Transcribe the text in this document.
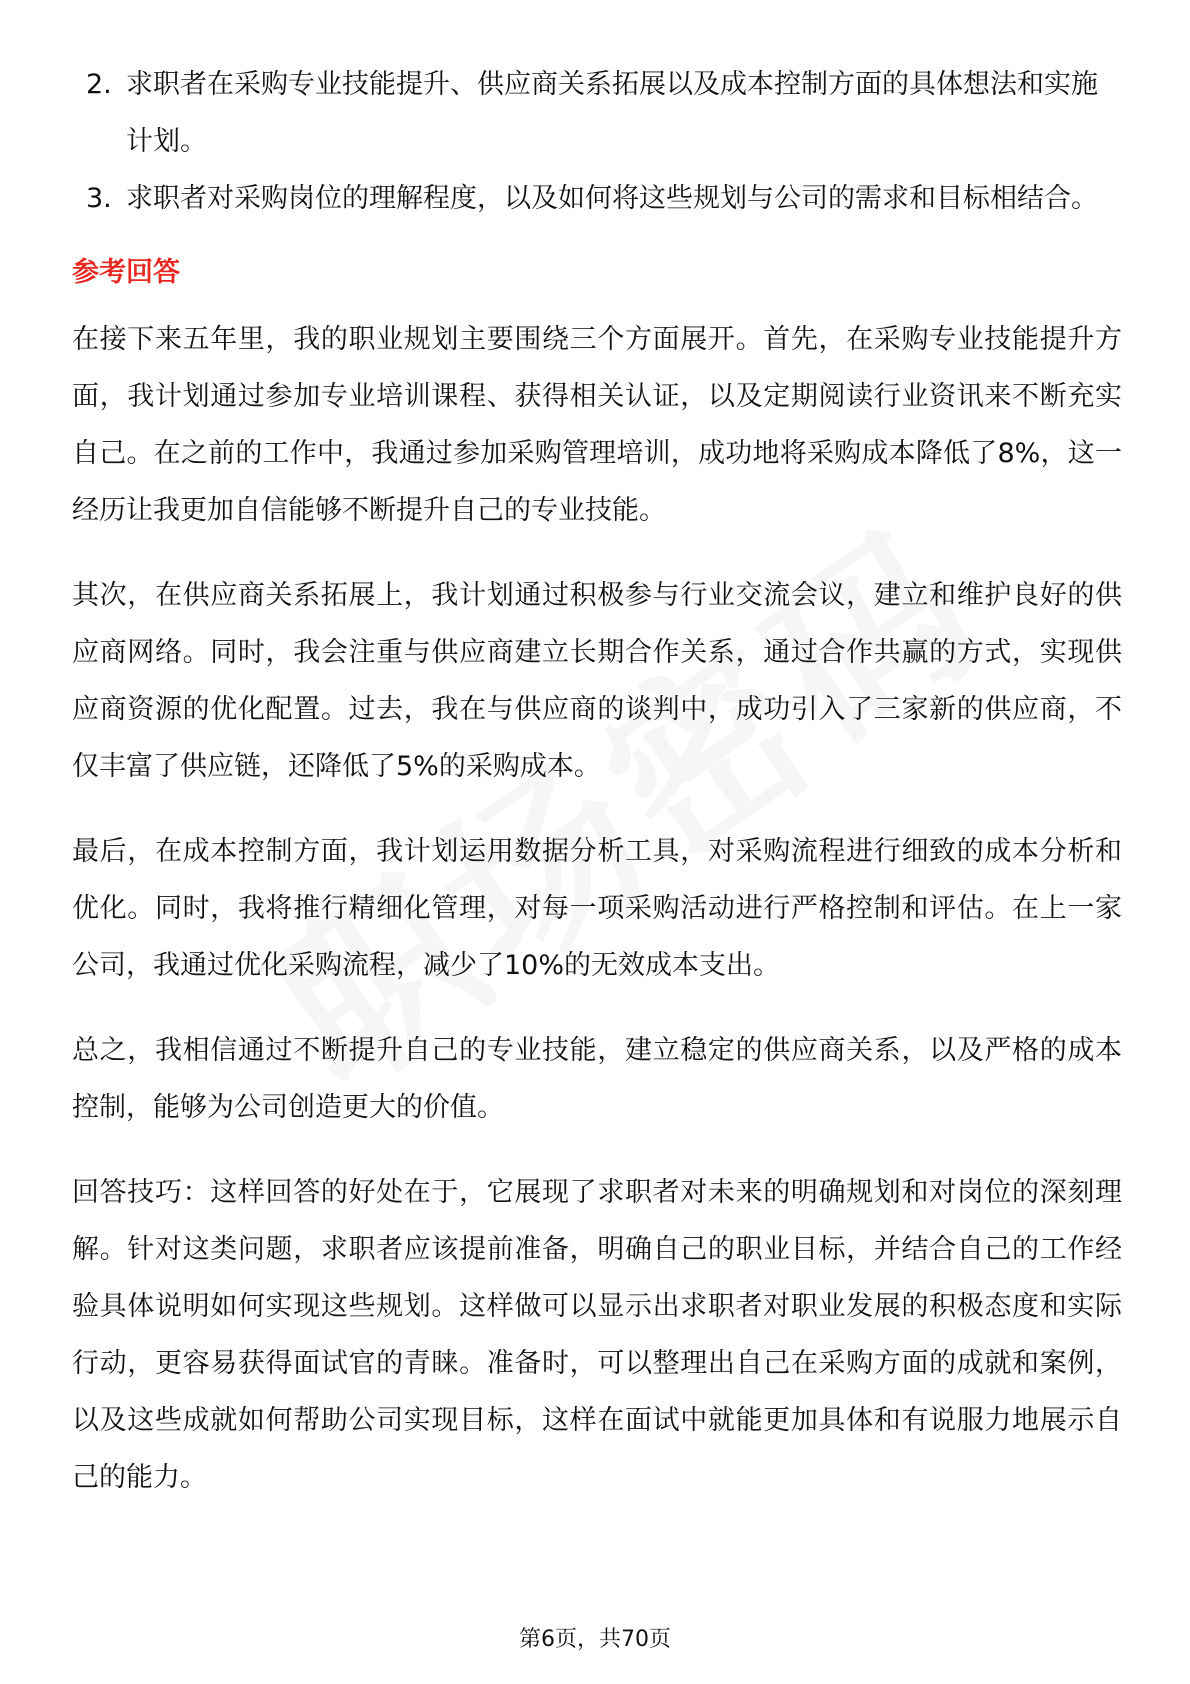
2. 求职者在采购专业技能提升、供应商关系拓展以及成本控制方面的具体想法和实施计划。
3. 求职者对采购岗位的理解程度，以及如何将这些规划与公司的需求和目标相结合。
参考回答

在接下来五年里，我的职业规划主要围绕三个方面展开。首先，在采购专业技能提升方面，我计划通过参加专业培训课程、获得相关认证，以及定期阅读行业资讯来不断充实自己。在之前的工作中，我通过参加采购管理培训，成功地将采购成本降低了8%，这一经历让我更加自信能够不断提升自己的专业技能。

其次，在供应商关系拓展上，我计划通过积极参与行业交流会议，建立和维护良好的供应商网络。同时，我会注重与供应商建立长期合作关系，通过合作共赢的方式，实现供应商资源的优化配置。过去，我在与供应商的谈判中，成功引入了三家新的供应商，不仅丰富了供应链，还降低了5%的采购成本。

最后，在成本控制方面，我计划运用数据分析工具，对采购流程进行细致的成本分析和优化。同时，我将推行精细化管理，对每一项采购活动进行严格控制和评估。在上一家公司，我通过优化采购流程，减少了10%的无效成本支出。

总之，我相信通过不断提升自己的专业技能，建立稳定的供应商关系，以及严格的成本控制，能够为公司创造更大的价值。

回答技巧：这样回答的好处在于，它展现了求职者对未来的明确规划和对岗位的深刻理解。针对这类问题，求职者应该提前准备，明确自己的职业目标，并结合自己的工作经验具体说明如何实现这些规划。这样做可以显示出求职者对职业发展的积极态度和实际行动，更容易获得面试官的青睐。准备时，可以整理出自己在采购方面的成就和案例，以及这些成就如何帮助公司实现目标，这样在面试中就能更加具体和有说服力地展示自己的能力。

第6页，共70页
